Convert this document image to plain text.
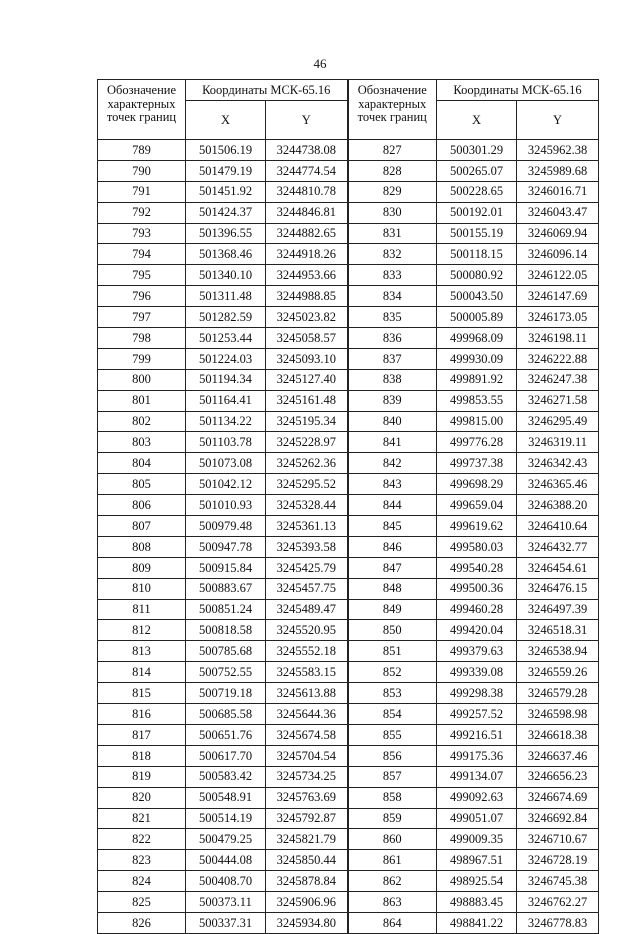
46
Обозначение характерных точек границ	Координаты МСК-65.16		Обозначение характерных точек границ	Координаты МСК-65.16	
	X	Y		X	Y
789	501506.19	3244738.08	827	500301.29	3245962.38
790	501479.19	3244774.54	828	500265.07	3245989.68
791	501451.92	3244810.78	829	500228.65	3246016.71
792	501424.37	3244846.81	830	500192.01	3246043.47
793	501396.55	3244882.65	831	500155.19	3246069.94
794	501368.46	3244918.26	832	500118.15	3246096.14
795	501340.10	3244953.66	833	500080.92	3246122.05
796	501311.48	3244988.85	834	500043.50	3246147.69
797	501282.59	3245023.82	835	500005.89	3246173.05
798	501253.44	3245058.57	836	499968.09	3246198.11
799	501224.03	3245093.10	837	499930.09	3246222.88
800	501194.34	3245127.40	838	499891.92	3246247.38
801	501164.41	3245161.48	839	499853.55	3246271.58
802	501134.22	3245195.34	840	499815.00	3246295.49
803	501103.78	3245228.97	841	499776.28	3246319.11
804	501073.08	3245262.36	842	499737.38	3246342.43
805	501042.12	3245295.52	843	499698.29	3246365.46
806	501010.93	3245328.44	844	499659.04	3246388.20
807	500979.48	3245361.13	845	499619.62	3246410.64
808	500947.78	3245393.58	846	499580.03	3246432.77
809	500915.84	3245425.79	847	499540.28	3246454.61
810	500883.67	3245457.75	848	499500.36	3246476.15
811	500851.24	3245489.47	849	499460.28	3246497.39
812	500818.58	3245520.95	850	499420.04	3246518.31
813	500785.68	3245552.18	851	499379.63	3246538.94
814	500752.55	3245583.15	852	499339.08	3246559.26
815	500719.18	3245613.88	853	499298.38	3246579.28
816	500685.58	3245644.36	854	499257.52	3246598.98
817	500651.76	3245674.58	855	499216.51	3246618.38
818	500617.70	3245704.54	856	499175.36	3246637.46
819	500583.42	3245734.25	857	499134.07	3246656.23
820	500548.91	3245763.69	858	499092.63	3246674.69
821	500514.19	3245792.87	859	499051.07	3246692.84
822	500479.25	3245821.79	860	499009.35	3246710.67
823	500444.08	3245850.44	861	498967.51	3246728.19
824	500408.70	3245878.84	862	498925.54	3246745.38
825	500373.11	3245906.96	863	498883.45	3246762.27
826	500337.31	3245934.80	864	498841.22	3246778.83
